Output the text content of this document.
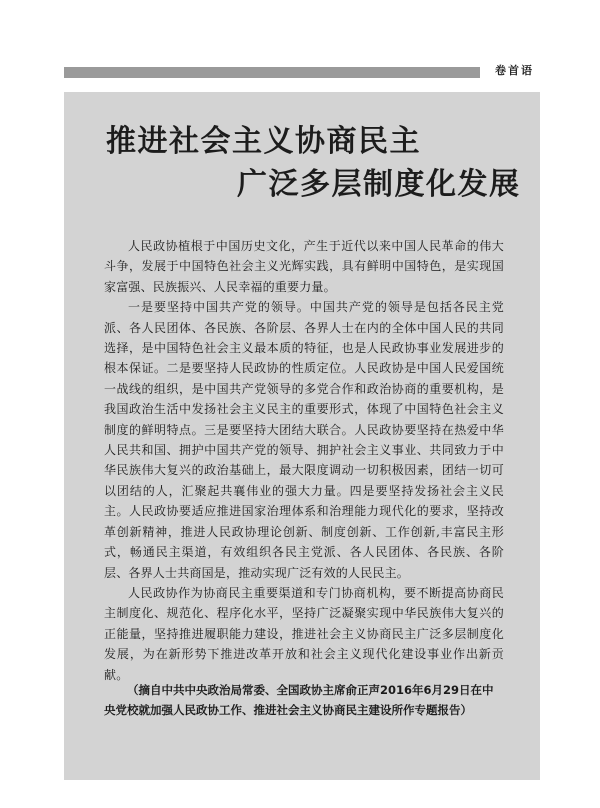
卷首语
推进社会主义协商民主
广泛多层制度化发展

人民政协植根于中国历史文化，产生于近代以来中国人民革命的伟大斗争，发展于中国特色社会主义光辉实践，具有鲜明中国特色，是实现国家富强、民族振兴、人民幸福的重要力量。

一是要坚持中国共产党的领导。中国共产党的领导是包括各民主党派、各人民团体、各民族、各阶层、各界人士在内的全体中国人民的共同选择，是中国特色社会主义最本质的特征，也是人民政协事业发展进步的根本保证。二是要坚持人民政协的性质定位。人民政协是中国人民爱国统一战线的组织，是中国共产党领导的多党合作和政治协商的重要机构，是我国政治生活中发扬社会主义民主的重要形式，体现了中国特色社会主义制度的鲜明特点。三是要坚持大团结大联合。人民政协要坚持在热爱中华人民共和国、拥护中国共产党的领导、拥护社会主义事业、共同致力于中华民族伟大复兴的政治基础上，最大限度调动一切积极因素，团结一切可以团结的人，汇聚起共襄伟业的强大力量。四是要坚持发扬社会主义民主。人民政协要适应推进国家治理体系和治理能力现代化的要求，坚持改革创新精神，推进人民政协理论创新、制度创新、工作创新,丰富民主形式，畅通民主渠道，有效组织各民主党派、各人民团体、各民族、各阶层、各界人士共商国是，推动实现广泛有效的人民民主。

人民政协作为协商民主重要渠道和专门协商机构，要不断提高协商民主制度化、规范化、程序化水平，坚持广泛凝聚实现中华民族伟大复兴的正能量，坚持推进履职能力建设，推进社会主义协商民主广泛多层制度化发展，为在新形势下推进改革开放和社会主义现代化建设事业作出新贡献。

（摘自中共中央政治局常委、全国政协主席俞正声2016年6月29日在中央党校就加强人民政协工作、推进社会主义协商民主建设所作专题报告）
